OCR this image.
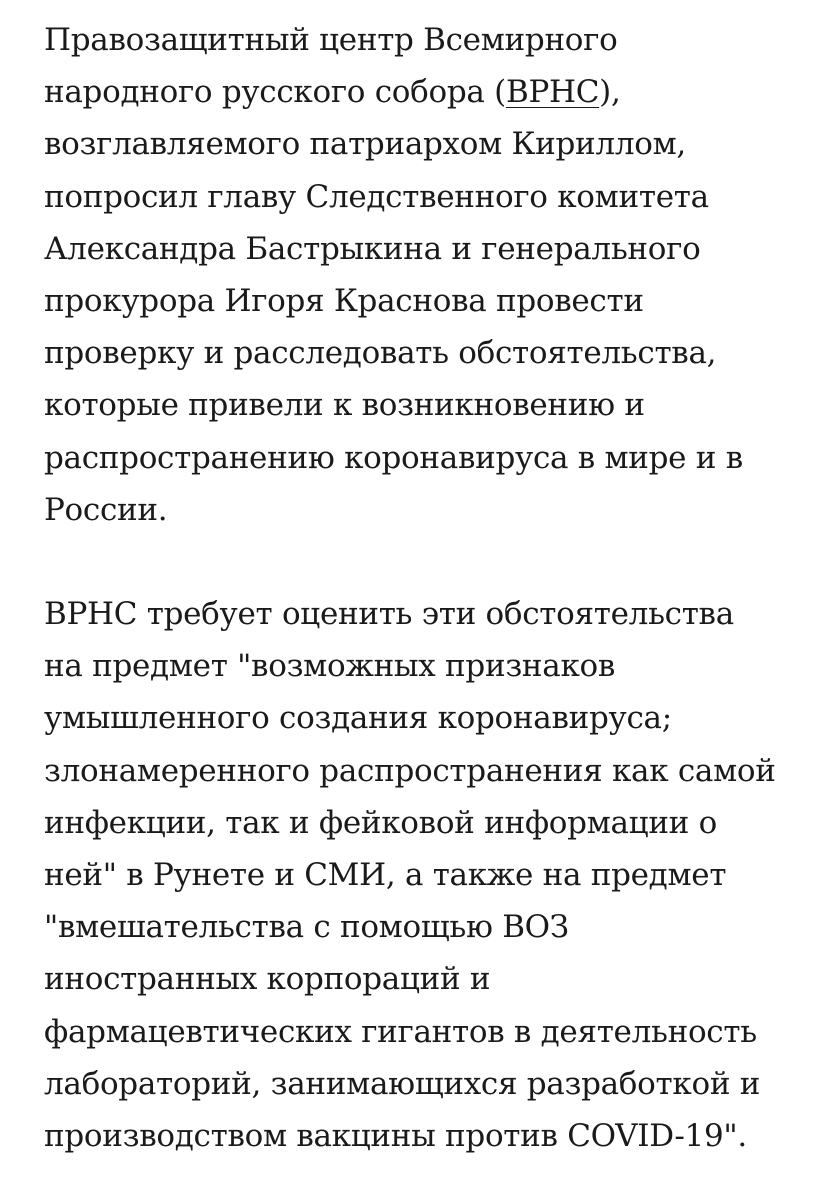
Правозащитный центр Всемирного
народного русского собора (ВРНС),
возглавляемого патриархом Кириллом,
попросил главу Следственного комитета
Александра Бастрыкина и генерального
прокурора Игоря Краснова провести
проверку и расследовать обстоятельства,
которые привели к возникновению и
распространению коронавируса в мире и в
России.

ВРНС требует оценить эти обстоятельства
на предмет "возможных признаков
умышленного создания коронавируса;
злонамеренного распространения как самой
инфекции, так и фейковой информации о
ней" в Рунете и СМИ, а также на предмет
"вмешательства с помощью ВОЗ
иностранных корпораций и
фармацевтических гигантов в деятельность
лабораторий, занимающихся разработкой и
производством вакцины против COVID-19".
